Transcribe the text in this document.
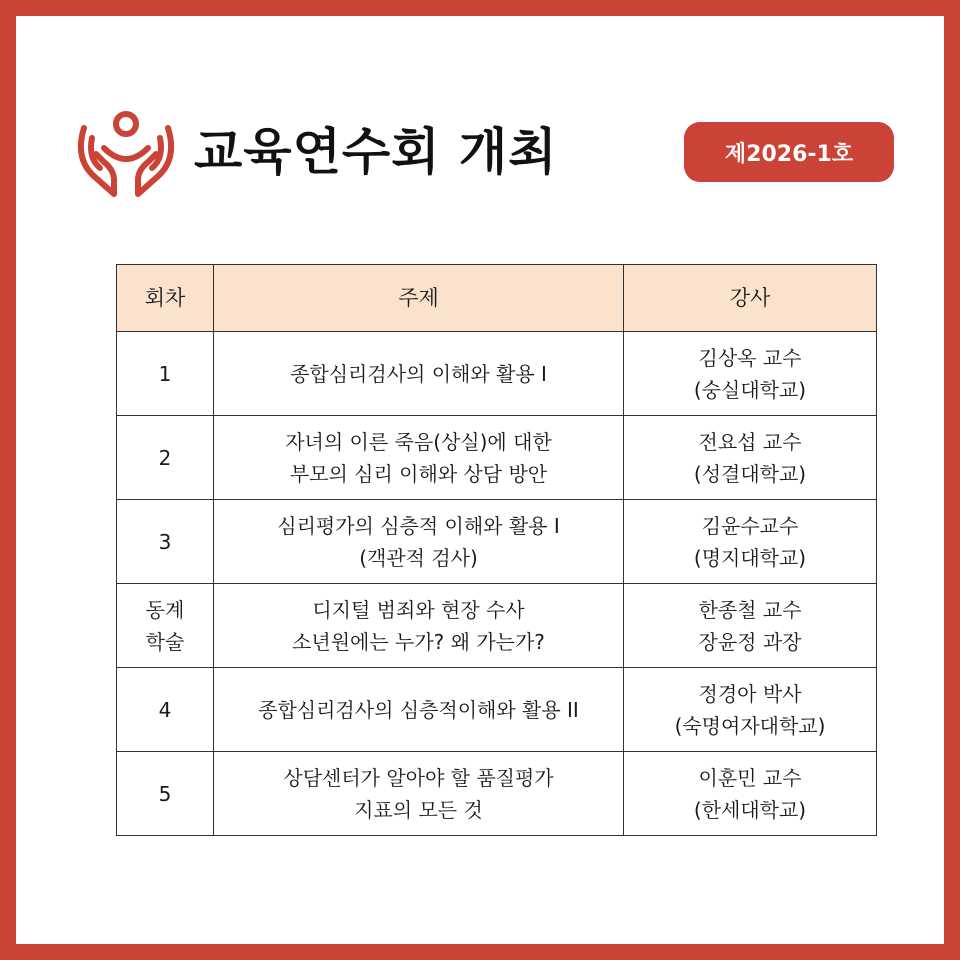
교육연수회 개최	제2026-1호
회차	주제	강사

1	종합심리검사의 이해와 활용 I	김상옥 교수
(숭실대학교)

2	자녀의 이른 죽음(상실)에 대한
부모의 심리 이해와 상담 방안	전요섭 교수
(성결대학교)

3	심리평가의 심층적 이해와 활용 I
(객관적 검사)	김윤수교수
(명지대학교)

동계
학술	디지털 범죄와 현장 수사
소년원에는 누가? 왜 가는가?	한종철 교수
장윤정 과장

4	종합심리검사의 심층적이해와 활용 II	정경아 박사
(숙명여자대학교)

5	상담센터가 알아야 할 품질평가
지표의 모든 것	이훈민 교수
(한세대학교)
